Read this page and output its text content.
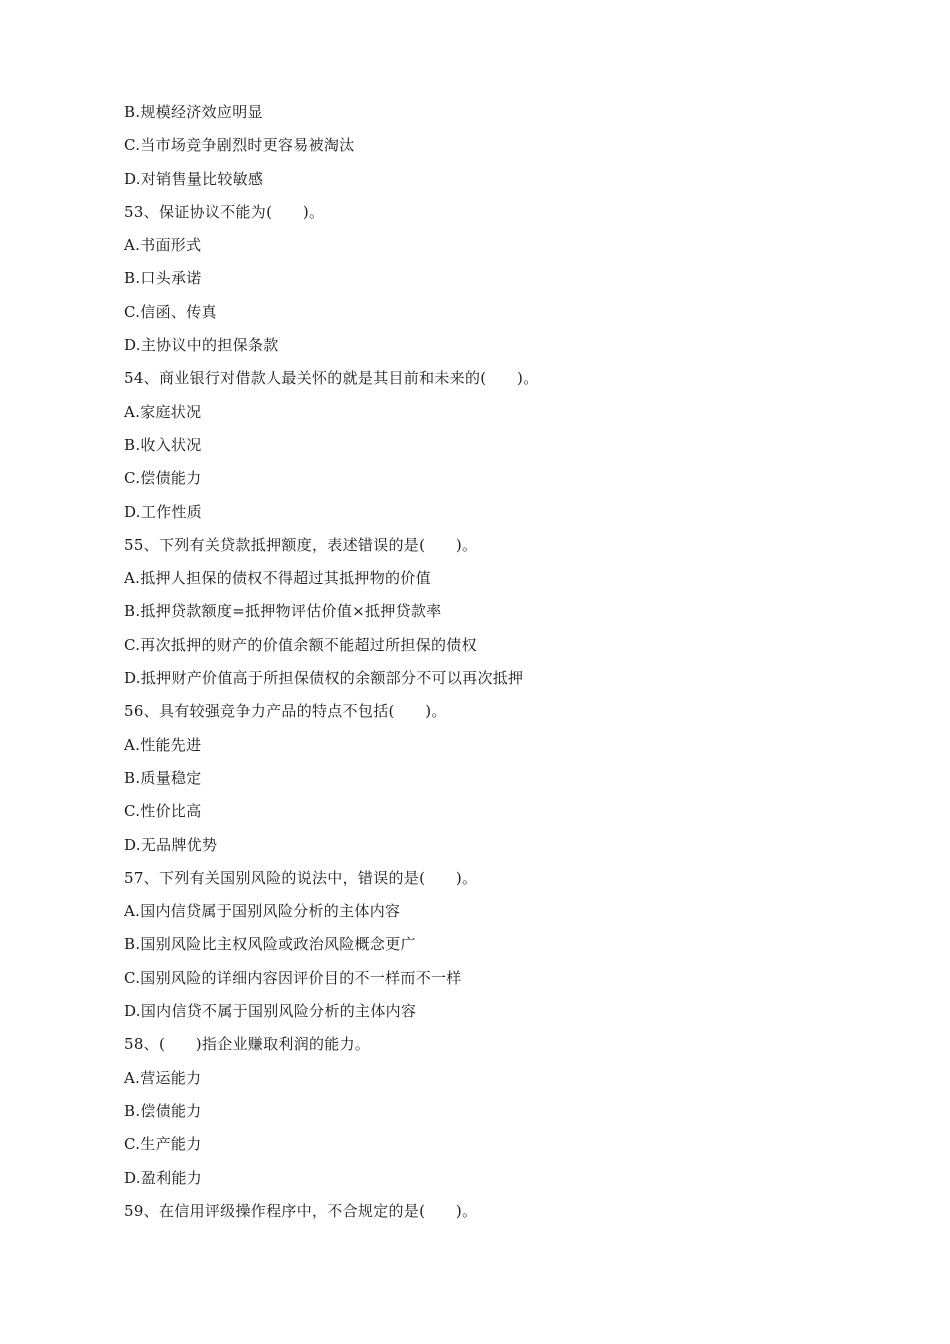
B.规模经济效应明显
C.当市场竞争剧烈时更容易被淘汰
D.对销售量比较敏感
53、保证协议不能为(　　)。
A.书面形式
B.口头承诺
C.信函、传真
D.主协议中的担保条款
54、商业银行对借款人最关怀的就是其目前和未来的(　　)。
A.家庭状况
B.收入状况
C.偿债能力
D.工作性质
55、下列有关贷款抵押额度，表述错误的是(　　)。
A.抵押人担保的债权不得超过其抵押物的价值
B.抵押贷款额度=抵押物评估价值×抵押贷款率
C.再次抵押的财产的价值余额不能超过所担保的债权
D.抵押财产价值高于所担保债权的余额部分不可以再次抵押
56、具有较强竞争力产品的特点不包括(　　)。
A.性能先进
B.质量稳定
C.性价比高
D.无品牌优势
57、下列有关国别风险的说法中，错误的是(　　)。
A.国内信贷属于国别风险分析的主体内容
B.国别风险比主权风险或政治风险概念更广
C.国别风险的详细内容因评价目的不一样而不一样
D.国内信贷不属于国别风险分析的主体内容
58、(　　)指企业赚取利润的能力。
A.营运能力
B.偿债能力
C.生产能力
D.盈利能力
59、在信用评级操作程序中，不合规定的是(　　)。
